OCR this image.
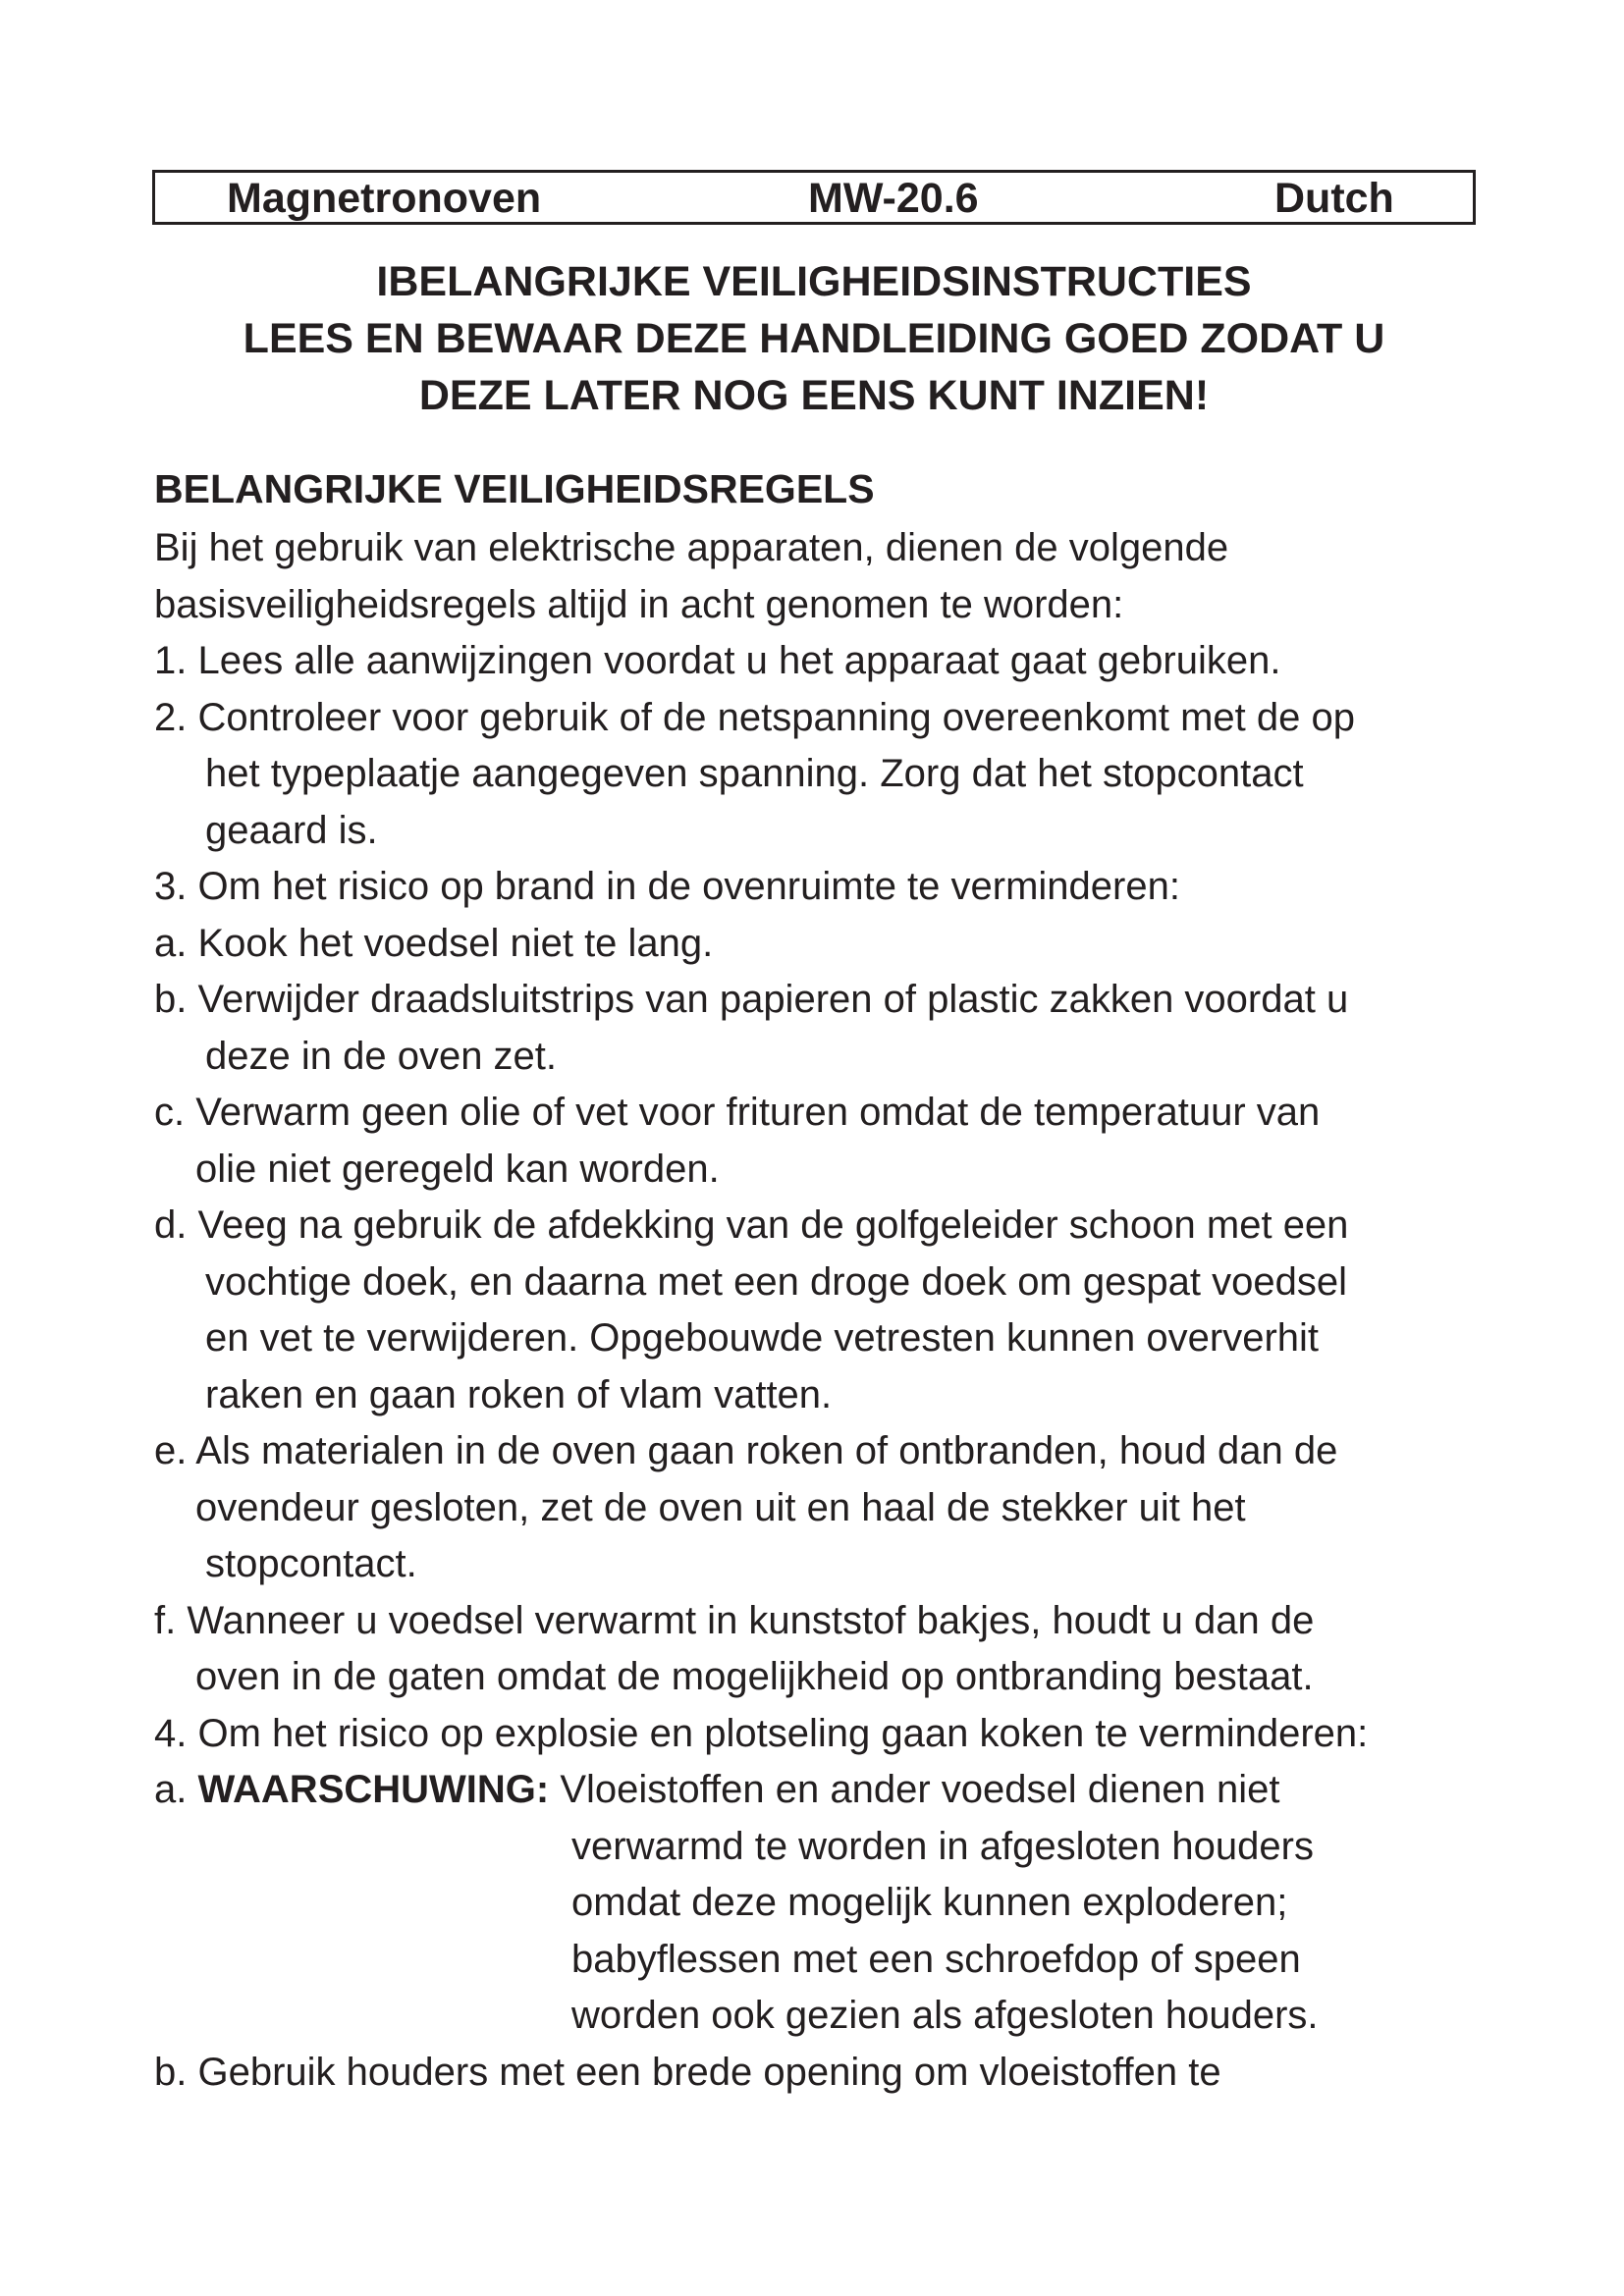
Magnetronoven	MW-20.6	Dutch
IBELANGRIJKE VEILIGHEIDSINSTRUCTIES
LEES EN BEWAAR DEZE HANDLEIDING GOED ZODAT U
DEZE LATER NOG EENS KUNT INZIEN!
BELANGRIJKE VEILIGHEIDSREGELS
Bij het gebruik van elektrische apparaten, dienen de volgende
basisveiligheidsregels altijd in acht genomen te worden:
1. Lees alle aanwijzingen voordat u het apparaat gaat gebruiken.
2. Controleer voor gebruik of de netspanning overeenkomt met de op
het typeplaatje aangegeven spanning. Zorg dat het stopcontact
geaard is.
3. Om het risico op brand in de ovenruimte te verminderen:
a. Kook het voedsel niet te lang.
b. Verwijder draadsluitstrips van papieren of plastic zakken voordat u
deze in de oven zet.
c. Verwarm geen olie of vet voor frituren omdat de temperatuur van
olie niet geregeld kan worden.
d. Veeg na gebruik de afdekking van de golfgeleider schoon met een
vochtige doek, en daarna met een droge doek om gespat voedsel
en vet te verwijderen. Opgebouwde vetresten kunnen oververhit
raken en gaan roken of vlam vatten.
e. Als materialen in de oven gaan roken of ontbranden, houd dan de
ovendeur gesloten, zet de oven uit en haal de stekker uit het
stopcontact.
f. Wanneer u voedsel verwarmt in kunststof bakjes, houdt u dan de
oven in de gaten omdat de mogelijkheid op ontbranding bestaat.
4. Om het risico op explosie en plotseling gaan koken te verminderen:
a. WAARSCHUWING: Vloeistoffen en ander voedsel dienen niet
verwarmd te worden in afgesloten houders
omdat deze mogelijk kunnen exploderen;
babyflessen met een schroefdop of speen
worden ook gezien als afgesloten houders.
b. Gebruik houders met een brede opening om vloeistoffen te
